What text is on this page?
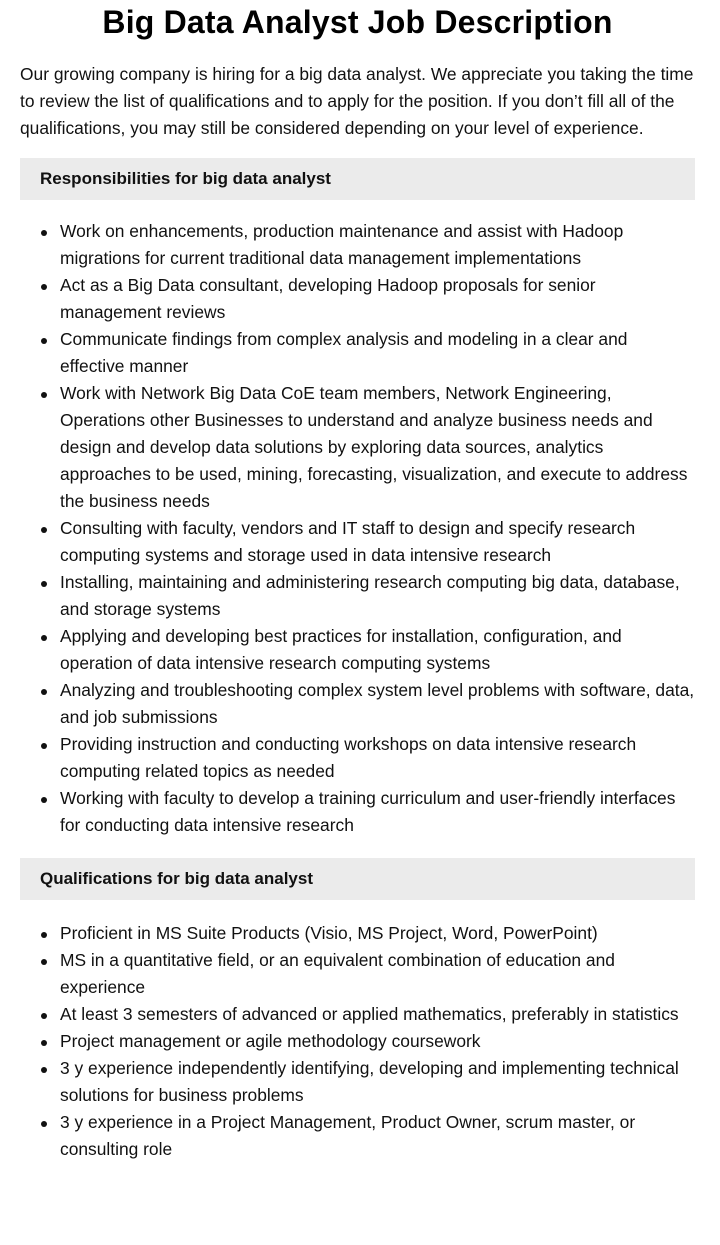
Big Data Analyst Job Description

Our growing company is hiring for a big data analyst. We appreciate you taking the time to review the list of qualifications and to apply for the position. If you don’t fill all of the qualifications, you may still be considered depending on your level of experience.

Responsibilities for big data analyst
Work on enhancements, production maintenance and assist with Hadoop migrations for current traditional data management implementations
Act as a Big Data consultant, developing Hadoop proposals for senior management reviews
Communicate findings from complex analysis and modeling in a clear and effective manner
Work with Network Big Data CoE team members, Network Engineering, Operations other Businesses to understand and analyze business needs and design and develop data solutions by exploring data sources, analytics approaches to be used, mining, forecasting, visualization, and execute to address the business needs
Consulting with faculty, vendors and IT staff to design and specify research computing systems and storage used in data intensive research
Installing, maintaining and administering research computing big data, database, and storage systems
Applying and developing best practices for installation, configuration, and operation of data intensive research computing systems
Analyzing and troubleshooting complex system level problems with software, data, and job submissions
Providing instruction and conducting workshops on data intensive research computing related topics as needed
Working with faculty to develop a training curriculum and user-friendly interfaces for conducting data intensive research
Qualifications for big data analyst
Proficient in MS Suite Products (Visio, MS Project, Word, PowerPoint)
MS in a quantitative field, or an equivalent combination of education and experience
At least 3 semesters of advanced or applied mathematics, preferably in statistics
Project management or agile methodology coursework
3 y experience independently identifying, developing and implementing technical solutions for business problems
3 y experience in a Project Management, Product Owner, scrum master, or consulting role
